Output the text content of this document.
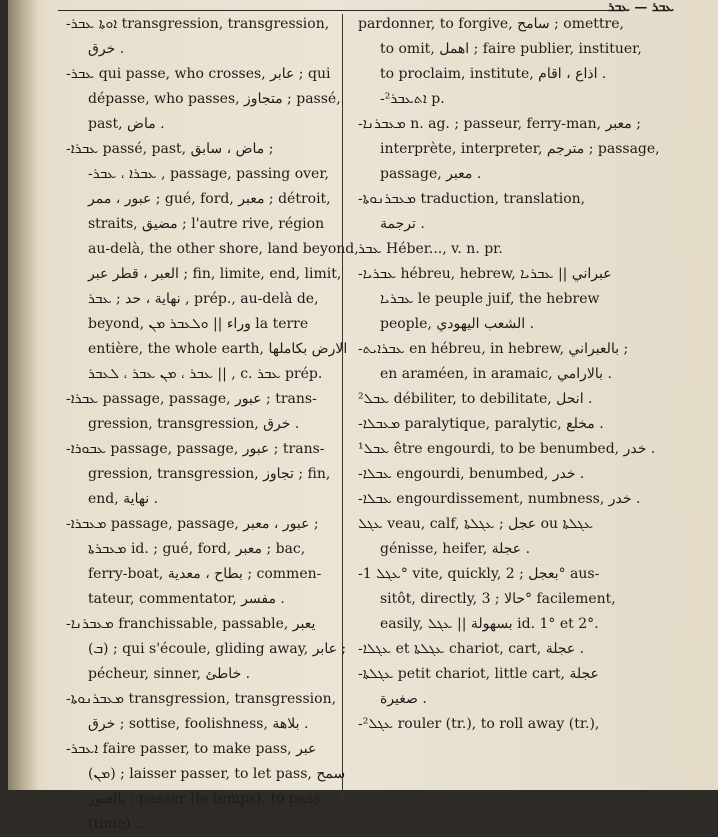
ܥܒܪ — ܥܒܪ
-ܐܘܬܐ ܥܒܪ transgression, transgression,
خرق .
-ܥܒܪ qui passe, who crosses, عابر ; qui
dépasse, who passes, متجاوز ; passé,
past, ماض .
-ܥܒܪܐ passé, past, ماض ، سابق ;
-ܥܒܪܐ ، ܥܒܪ , passage, passing over,
عبور ، ممر ; gué, ford, معبر ; détroit,
straits, مضيق ; l'autre rive, région
au-delà, the other shore, land beyond,
العبر ، قطر عبر ; fin, limite, end, limit,
نهاية ، حد ; ܥܒܪ , prép., au-delà de,
beyond, وراء || ܘܠܥܒܪ ܡܢ la terre
entière, the whole earth, الارض بكاملها
ܥܒܪ ، ܡܢ ܥܒܪ ، ܠܥܒܪ || , c. ܥܒܪ prép.
-ܥܒܪܐ passage, passage, عبور ; trans-
gression, transgression, خرق .
-ܥܒܘܪܐ passage, passage, عبور ; trans-
gression, transgression, تجاوز ; fin,
end, نهاية .
-ܡܥܒܪܐ passage, passage, عبور ، معبر ;
ܡܥܒܪܬܐ id. ; gué, ford, معبر ; bac,
ferry-boat, بطاح ، معدية ; commen-
tateur, commentator, مفسر .
-ܡܥܒܪܢܐ franchissable, passable, يعبر
(ܒ) ; qui s'écoule, gliding away, عابر ;
pécheur, sinner, خاطئ .
-ܡܥܒܪܢܘܬܐ transgression, transgression,
خرق ; sottise, foolishness, بلاهة .
-ܐܥܒܪ faire passer, to make pass, عبر
(ܡܢ) ; laisser passer, to let pass, سمح
بالعبور ; passer (le temps), to pass
(time) ...
pardonner, to forgive, سامح ; omettre,
to omit, اهمل ; faire publier, instituer,
to proclaim, institute, اذاع ، اقام .
-²ܐܬܥܒܪ p.
-ܡܥܒܪܢܐ n. ag. ; passeur, ferry-man, معبر ;
interprète, interpreter, مترجم ; passage,
passage, معبر .
-ܡܥܒܪܢܘܬܐ traduction, translation,
ترجمة .
ܥܒܪ Héber..., v. n. pr.
-ܥܒܪܝܐ hébreu, hebrew, عبراني || ܥܒܪܝܐ
ܥܒܪܝܐ le peuple juif, the hebrew
people, الشعب اليهودي .
-ܥܒܪܐܝܬ en hébreu, in hebrew, بالعبراني ;
en araméen, in aramaic, بالارامي .
²ܥܒܠ débiliter, to debilitate, انحل .
-ܡܥܒܠܐ paralytique, paralytic, مخلع .
¹ܥܒܠ être engourdi, to be benumbed, خدر .
-ܥܒܠܐ engourdi, benumbed, خدر .
-ܥܒܠܐ engourdissement, numbness, خدر .
ܥܓܠ veau, calf, عجل ; ܥܓܠܬܐ ou ܥܓܠܬܐ
génisse, heifer, عجلة .
-ܥܓܠ 1° vite, quickly, بعجل ; 2° aus-
sitôt, directly, حالا ; 3° facilement,
easily, بسهولة || ܥܓܠ id. 1° et 2°.
-ܥܓܠܐ et ܥܓܠܬܐ chariot, cart, عجلة .
-ܥܓܠܬܐ petit chariot, little cart, عجلة
صغيرة .
-²ܥܓܠ rouler (tr.), to roll away (tr.),
